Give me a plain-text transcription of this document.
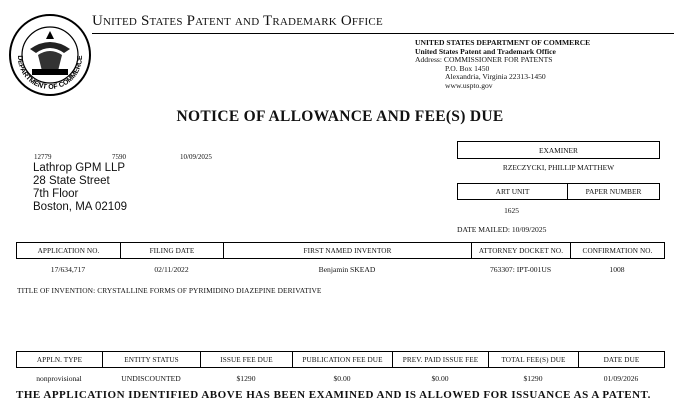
DEPARTMENT OF COMMERCE
United States Patent and Trademark Office
UNITED STATES DEPARTMENT OF COMMERCE
United States Patent and Trademark Office
Address: COMMISSIONER FOR PATENTS
P.O. Box 1450
Alexandria, Virginia 22313-1450
www.uspto.gov
NOTICE OF ALLOWANCE AND FEE(S) DUE
12779	7590	10/09/2025
Lathrop GPM LLP
28 State Street
7th Floor
Boston, MA 02109
EXAMINER
RZECZYCKI, PHILLIP MATTHEW
ART UNIT	PAPER NUMBER
1625
DATE MAILED: 10/09/2025
APPLICATION NO.	FILING DATE	FIRST NAMED INVENTOR	ATTORNEY DOCKET NO.	CONFIRMATION NO.
17/634,717	02/11/2022	Benjamin SKEAD	763307: IPT-001US	1008
TITLE OF INVENTION: CRYSTALLINE FORMS OF PYRIMIDINO DIAZEPINE DERIVATIVE
APPLN. TYPE	ENTITY STATUS	ISSUE FEE DUE	PUBLICATION FEE DUE	PREV. PAID ISSUE FEE	TOTAL FEE(S) DUE	DATE DUE
nonprovisional	UNDISCOUNTED	$1290	$0.00	$0.00	$1290	01/09/2026
THE APPLICATION IDENTIFIED ABOVE HAS BEEN EXAMINED AND IS ALLOWED FOR ISSUANCE AS A PATENT.
